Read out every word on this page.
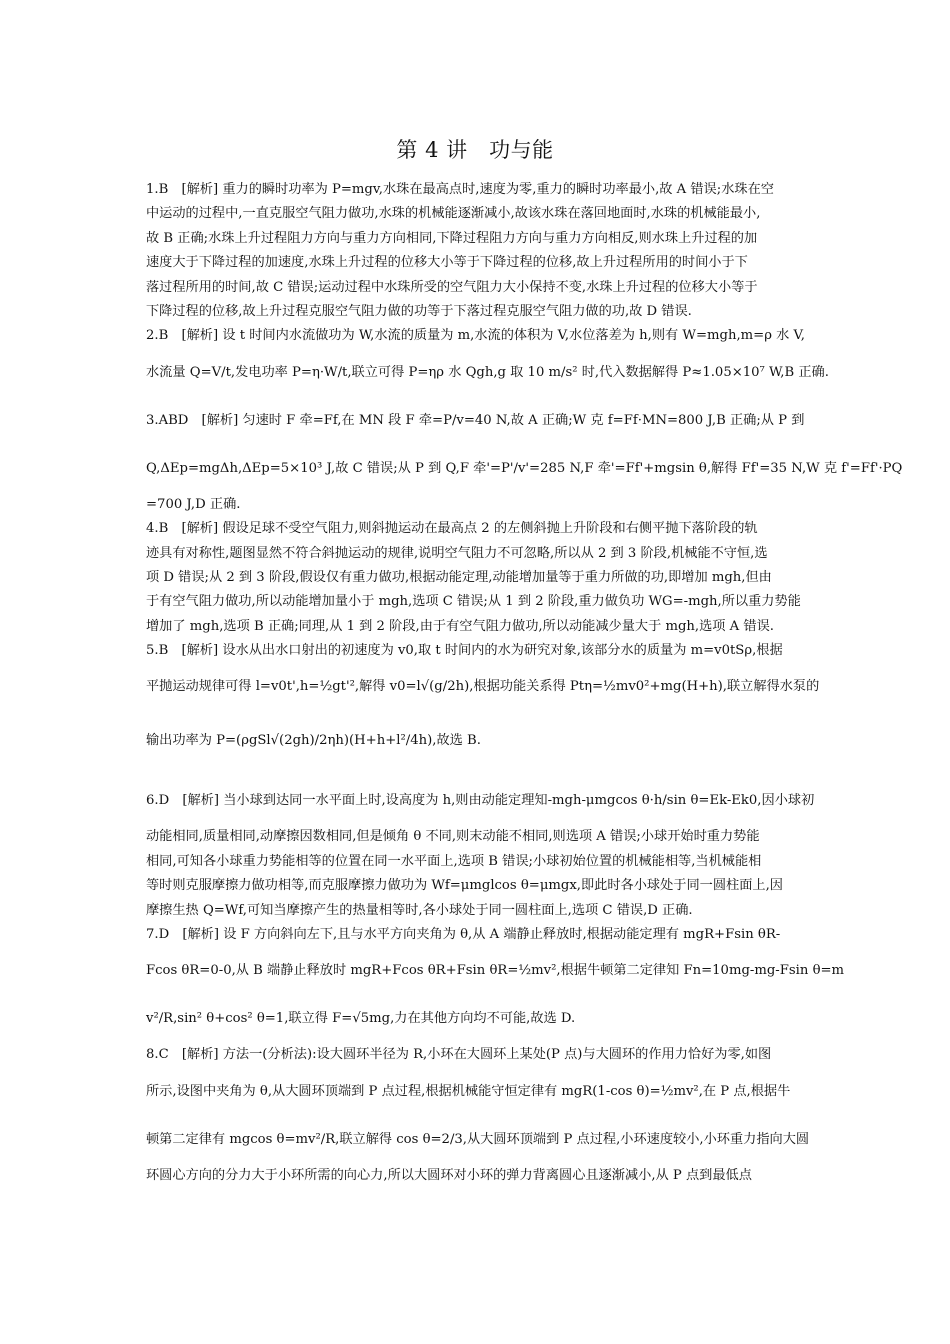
第 4 讲　功与能
1.B　[解析] 重力的瞬时功率为 P=mgv,水珠在最高点时,速度为零,重力的瞬时功率最小,故 A 错误;水珠在空
中运动的过程中,一直克服空气阻力做功,水珠的机械能逐渐减小,故该水珠在落回地面时,水珠的机械能最小,
故 B 正确;水珠上升过程阻力方向与重力方向相同,下降过程阻力方向与重力方向相反,则水珠上升过程的加
速度大于下降过程的加速度,水珠上升过程的位移大小等于下降过程的位移,故上升过程所用的时间小于下
落过程所用的时间,故 C 错误;运动过程中水珠所受的空气阻力大小保持不变,水珠上升过程的位移大小等于
下降过程的位移,故上升过程克服空气阻力做的功等于下落过程克服空气阻力做的功,故 D 错误.
2.B　[解析] 设 t 时间内水流做功为 W,水流的质量为 m,水流的体积为 V,水位落差为 h,则有 W=mgh,m=ρ 水 V,
水流量 Q=V/t,发电功率 P=η·W/t,联立可得 P=ηρ 水 Qgh,g 取 10 m/s² 时,代入数据解得 P≈1.05×10⁷ W,B 正确.
3.ABD　[解析] 匀速时 F 牵=Ff,在 MN 段 F 牵=P/v=40 N,故 A 正确;W 克 f=Ff·MN=800 J,B 正确;从 P 到
Q,ΔEp=mgΔh,ΔEp=5×10³ J,故 C 错误;从 P 到 Q,F 牵'=P'/v'=285 N,F 牵'=Ff'+mgsin θ,解得 Ff'=35 N,W 克 f'=Ff'·PQ
=700 J,D 正确.
4.B　[解析] 假设足球不受空气阻力,则斜抛运动在最高点 2 的左侧斜抛上升阶段和右侧平抛下落阶段的轨
迹具有对称性,题图显然不符合斜抛运动的规律,说明空气阻力不可忽略,所以从 2 到 3 阶段,机械能不守恒,选
项 D 错误;从 2 到 3 阶段,假设仅有重力做功,根据动能定理,动能增加量等于重力所做的功,即增加 mgh,但由
于有空气阻力做功,所以动能增加量小于 mgh,选项 C 错误;从 1 到 2 阶段,重力做负功 WG=-mgh,所以重力势能
增加了 mgh,选项 B 正确;同理,从 1 到 2 阶段,由于有空气阻力做功,所以动能减少量大于 mgh,选项 A 错误.
5.B　[解析] 设水从出水口射出的初速度为 v0,取 t 时间内的水为研究对象,该部分水的质量为 m=v0tSρ,根据
平抛运动规律可得 l=v0t',h=½gt'²,解得 v0=l√(g/2h),根据功能关系得 Ptη=½mv0²+mg(H+h),联立解得水泵的
输出功率为 P=(ρgSl√(2gh)/2ηh)(H+h+l²/4h),故选 B.
6.D　[解析] 当小球到达同一水平面上时,设高度为 h,则由动能定理知-mgh-μmgcos θ·h/sin θ=Ek-Ek0,因小球初
动能相同,质量相同,动摩擦因数相同,但是倾角 θ 不同,则末动能不相同,则选项 A 错误;小球开始时重力势能
相同,可知各小球重力势能相等的位置在同一水平面上,选项 B 错误;小球初始位置的机械能相等,当机械能相
等时则克服摩擦力做功相等,而克服摩擦力做功为 Wf=μmglcos θ=μmgx,即此时各小球处于同一圆柱面上,因
摩擦生热 Q=Wf,可知当摩擦产生的热量相等时,各小球处于同一圆柱面上,选项 C 错误,D 正确.
7.D　[解析] 设 F 方向斜向左下,且与水平方向夹角为 θ,从 A 端静止释放时,根据动能定理有 mgR+Fsin θR-
Fcos θR=0-0,从 B 端静止释放时 mgR+Fcos θR+Fsin θR=½mv²,根据牛顿第二定律知 Fn=10mg-mg-Fsin θ=m
v²/R,sin² θ+cos² θ=1,联立得 F=√5mg,力在其他方向均不可能,故选 D.
8.C　[解析] 方法一(分析法):设大圆环半径为 R,小环在大圆环上某处(P 点)与大圆环的作用力恰好为零,如图
所示,设图中夹角为 θ,从大圆环顶端到 P 点过程,根据机械能守恒定律有 mgR(1-cos θ)=½mv²,在 P 点,根据牛
顿第二定律有 mgcos θ=mv²/R,联立解得 cos θ=2/3,从大圆环顶端到 P 点过程,小环速度较小,小环重力指向大圆
环圆心方向的分力大于小环所需的向心力,所以大圆环对小环的弹力背离圆心且逐渐减小,从 P 点到最低点
